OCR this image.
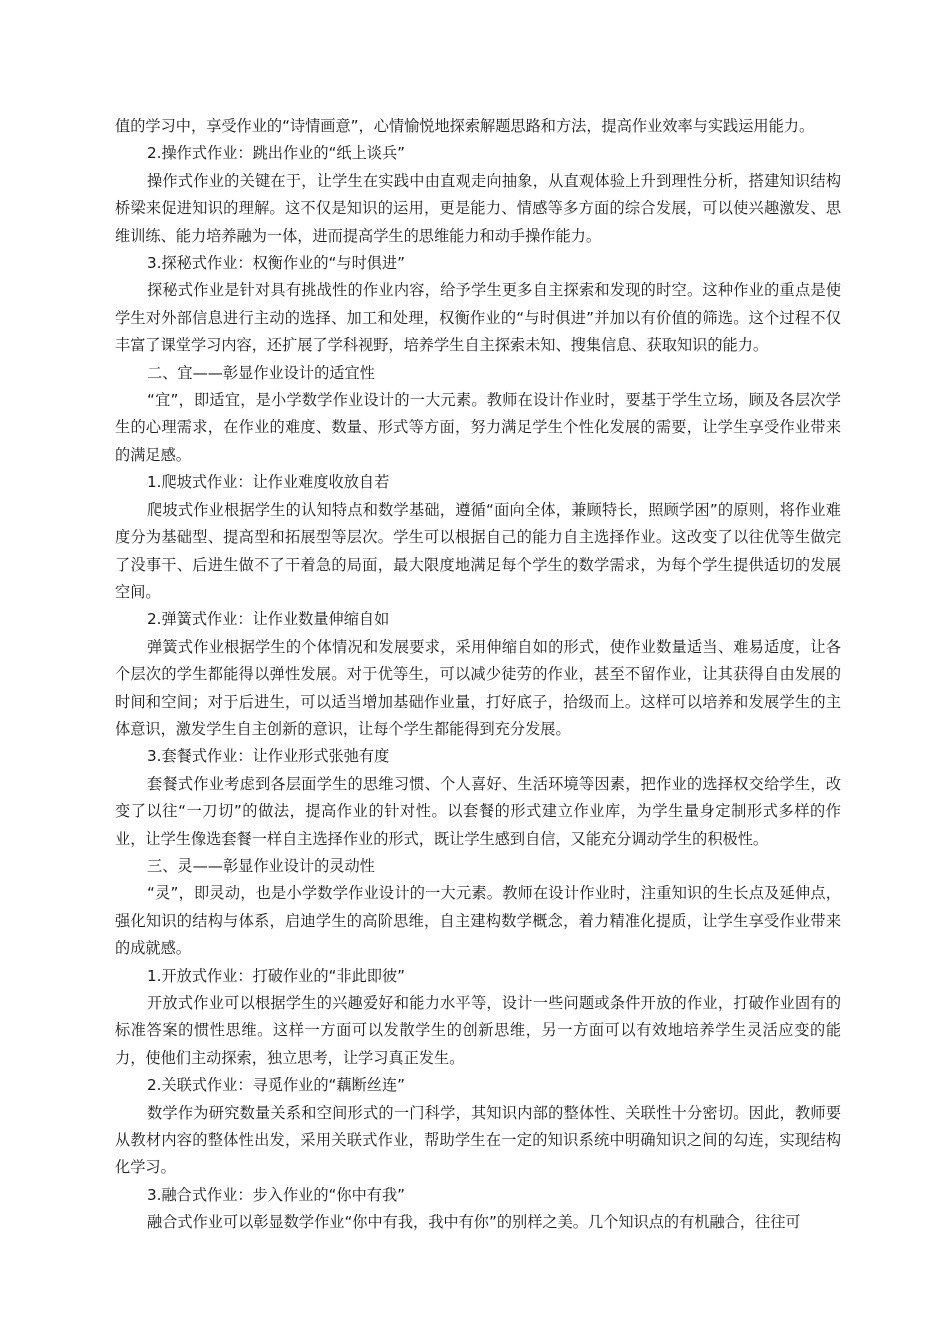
值的学习中，享受作业的“诗情画意”，心情愉悦地探索解题思路和方法，提高作业效率与实践运用能力。

2.操作式作业：跳出作业的“纸上谈兵”

操作式作业的关键在于，让学生在实践中由直观走向抽象，从直观体验上升到理性分析，搭建知识结构桥梁来促进知识的理解。这不仅是知识的运用，更是能力、情感等多方面的综合发展，可以使兴趣激发、思维训练、能力培养融为一体，进而提高学生的思维能力和动手操作能力。

3.探秘式作业：权衡作业的“与时俱进”

探秘式作业是针对具有挑战性的作业内容，给予学生更多自主探索和发现的时空。这种作业的重点是使学生对外部信息进行主动的选择、加工和处理，权衡作业的“与时俱进”并加以有价值的筛选。这个过程不仅丰富了课堂学习内容，还扩展了学科视野，培养学生自主探索未知、搜集信息、获取知识的能力。

二、宜——彰显作业设计的适宜性

“宜”，即适宜，是小学数学作业设计的一大元素。教师在设计作业时，要基于学生立场，顾及各层次学生的心理需求，在作业的难度、数量、形式等方面，努力满足学生个性化发展的需要，让学生享受作业带来的满足感。

1.爬坡式作业：让作业难度收放自若

爬坡式作业根据学生的认知特点和数学基础，遵循“面向全体，兼顾特长，照顾学困”的原则，将作业难度分为基础型、提高型和拓展型等层次。学生可以根据自己的能力自主选择作业。这改变了以往优等生做完了没事干、后进生做不了干着急的局面，最大限度地满足每个学生的数学需求，为每个学生提供适切的发展空间。

2.弹簧式作业：让作业数量伸缩自如

弹簧式作业根据学生的个体情况和发展要求，采用伸缩自如的形式，使作业数量适当、难易适度，让各个层次的学生都能得以弹性发展。对于优等生，可以减少徒劳的作业，甚至不留作业，让其获得自由发展的时间和空间；对于后进生，可以适当增加基础作业量，打好底子，拾级而上。这样可以培养和发展学生的主体意识，激发学生自主创新的意识，让每个学生都能得到充分发展。

3.套餐式作业：让作业形式张弛有度

套餐式作业考虑到各层面学生的思维习惯、个人喜好、生活环境等因素，把作业的选择权交给学生，改变了以往“一刀切”的做法，提高作业的针对性。以套餐的形式建立作业库，为学生量身定制形式多样的作业，让学生像选套餐一样自主选择作业的形式，既让学生感到自信，又能充分调动学生的积极性。

三、灵——彰显作业设计的灵动性

“灵”，即灵动，也是小学数学作业设计的一大元素。教师在设计作业时，注重知识的生长点及延伸点，强化知识的结构与体系，启迪学生的高阶思维，自主建构数学概念，着力精准化提质，让学生享受作业带来的成就感。

1.开放式作业：打破作业的“非此即彼”

开放式作业可以根据学生的兴趣爱好和能力水平等，设计一些问题或条件开放的作业，打破作业固有的标准答案的惯性思维。这样一方面可以发散学生的创新思维，另一方面可以有效地培养学生灵活应变的能力，使他们主动探索，独立思考，让学习真正发生。

2.关联式作业：寻觅作业的“藕断丝连”

数学作为研究数量关系和空间形式的一门科学，其知识内部的整体性、关联性十分密切。因此，教师要从教材内容的整体性出发，采用关联式作业，帮助学生在一定的知识系统中明确知识之间的勾连，实现结构化学习。

3.融合式作业：步入作业的“你中有我”

融合式作业可以彰显数学作业“你中有我，我中有你”的别样之美。几个知识点的有机融合，往往可
